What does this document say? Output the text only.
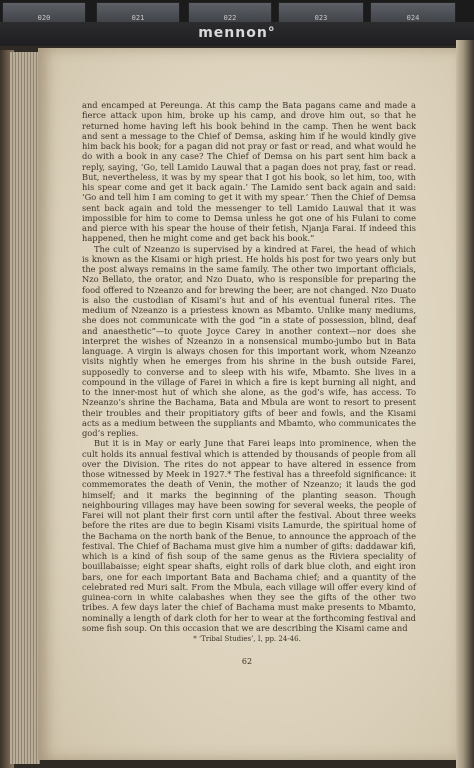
020	021	022	023	024
mennon°

and encamped at Pereunga. At this camp the Bata pagans came and made a fierce attack upon him, broke up his camp, and drove him out, so that he returned home having left his book behind in the camp. Then he went back and sent a message to the Chief of Demsa, asking him if he would kindly give him back his book; for a pagan did not pray or fast or read, and what would he do with a book in any case? The Chief of Demsa on his part sent him back a reply, saying, ‘Go, tell Lamido Lauwal that a pagan does not pray, fast or read. But, nevertheless, it was by my spear that I got his book, so let him, too, with his spear come and get it back again.’ The Lamido sent back again and said: ‘Go and tell him I am coming to get it with my spear.’ Then the Chief of Demsa sent back again and told the messenger to tell Lamido Lauwal that it was impossible for him to come to Demsa unless he got one of his Fulani to come and pierce with his spear the house of their fetish, Njanja Farai. If indeed this happened, then he might come and get back his book.”

The cult of Nzeanzo is supervised by a kindred at Farei, the head of which is known as the Kisami or high priest. He holds his post for two years only but the post always remains in the same family. The other two important officials, Nzo Bellato, the orator, and Nzo Duato, who is responsible for preparing the food offered to Nzeanzo and for brewing the beer, are not changed. Nzo Duato is also the custodian of Kisami’s hut and of his eventual funeral rites. The medium of Nzeanzo is a priestess known as Mbamto. Unlike many mediums, she does not communicate with the god “in a state of possession, blind, deaf and anaesthetic”—to quote Joyce Carey in another context—nor does she interpret the wishes of Nzeanzo in a nonsensical mumbo-jumbo but in Bata language. A virgin is always chosen for this important work, whom Nzeanzo visits nightly when he emerges from his shrine in the bush outside Farei, supposedly to converse and to sleep with his wife, Mbamto. She lives in a compound in the village of Farei in which a fire is kept burning all night, and to the inner-most hut of which she alone, as the god’s wife, has access. To Nzeanzo’s shrine the Bachama, Bata and Mbula are wont to resort to present their troubles and their propitiatory gifts of beer and fowls, and the Kisami acts as a medium between the suppliants and Mbamto, who communicates the god’s replies.

But it is in May or early June that Farei leaps into prominence, when the cult holds its annual festival which is attended by thousands of people from all over the Division. The rites do not appear to have altered in essence from those witnessed by Meek in 1927.* The festival has a threefold significance: it commemorates the death of Venin, the mother of Nzeanzo; it lauds the god himself; and it marks the beginning of the planting season. Though neighbouring villages may have been sowing for several weeks, the people of Farei will not plant their first corn until after the festival. About three weeks before the rites are due to begin Kisami visits Lamurde, the spiritual home of the Bachama on the north bank of the Benue, to announce the approach of the festival. The Chief of Bachama must give him a number of gifts: daddawar kifi, which is a kind of fish soup of the same genus as the Riviera speciality of bouillabaisse; eight spear shafts, eight rolls of dark blue cloth, and eight iron bars, one for each important Bata and Bachama chief; and a quantity of the celebrated red Muri salt. From the Mbula, each village will offer every kind of guinea-corn in white calabashes when they see the gifts of the other two tribes. A few days later the chief of Bachama must make presents to Mbamto, nominally a length of dark cloth for her to wear at the forthcoming festival and some fish soup. On this occasion that we are describing the Kisami came and

* ‘Tribal Studies’, I, pp. 24-46.
62
